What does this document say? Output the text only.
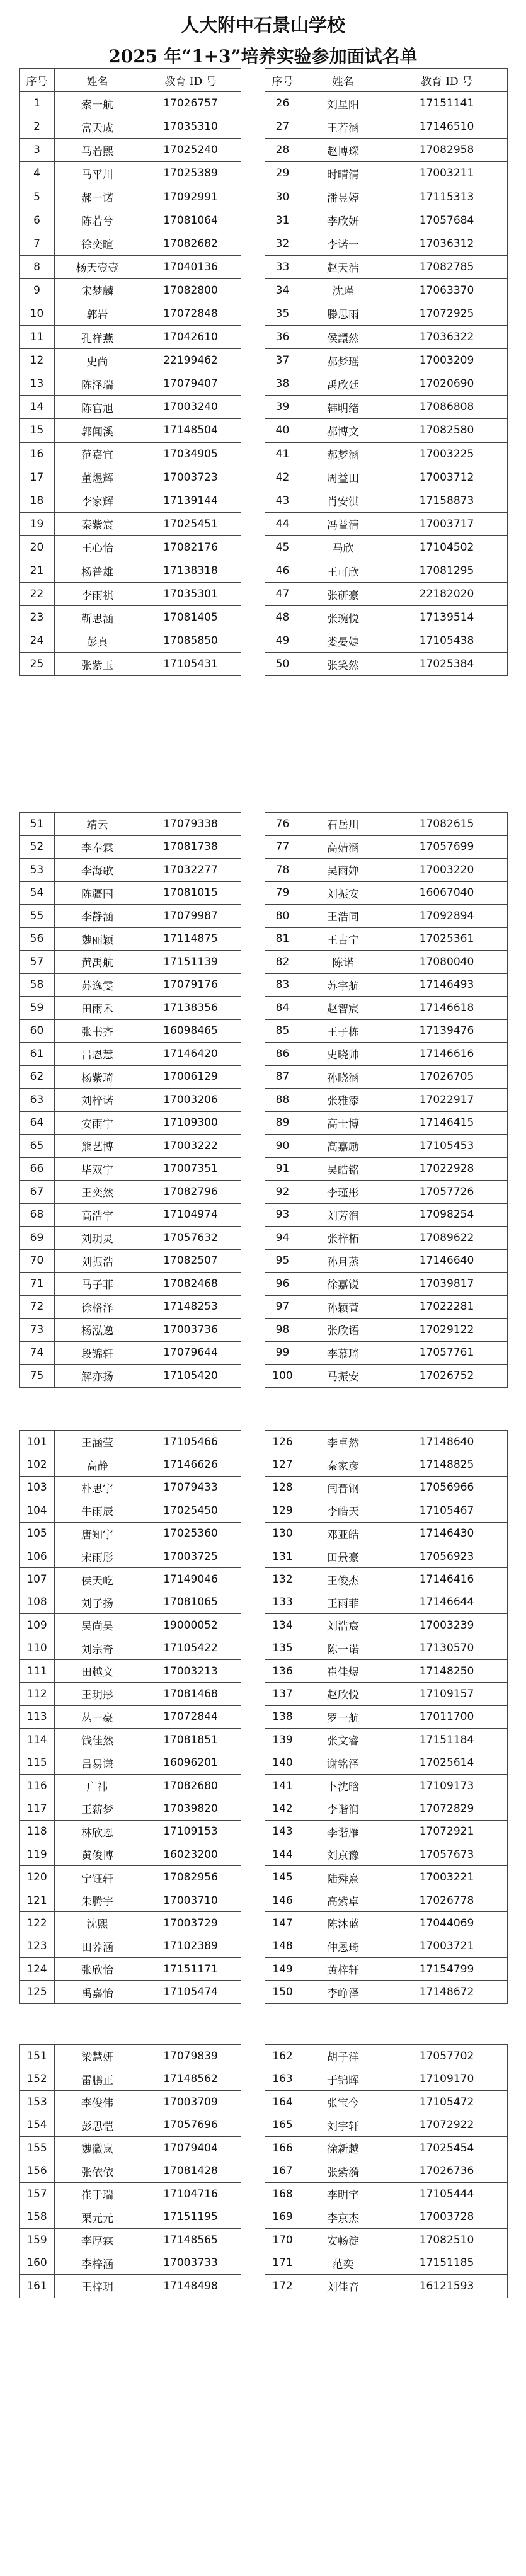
人大附中石景山学校
2025 年“1+3”培养实验参加面试名单
序号	姓名	教育 ID 号		序号	姓名	教育 ID 号
1	索一航	17026757		26	刘星阳	17151141
2	富天成	17035310		27	王若涵	17146510
3	马若熙	17025240		28	赵博琛	17082958
4	马平川	17025389		29	时晴清	17003211
5	郝一诺	17092991		30	潘昱婷	17115313
6	陈若兮	17081064		31	李欣妍	17057684
7	徐奕暄	17082682		32	李诺一	17036312
8	杨天壹壹	17040136		33	赵天浩	17082785
9	宋梦麟	17082800		34	沈瑾	17063370
10	郭岩	17072848		35	滕思雨	17072925
11	孔祥燕	17042610		36	侯譞然	17036322
12	史尚	22199462		37	郝梦瑶	17003209
13	陈泽瑞	17079407		38	禹欣廷	17020690
14	陈官旭	17003240		39	韩明绪	17086808
15	郭闻溪	17148504		40	郝博文	17082580
16	范嘉宜	17034905		41	郝梦涵	17003225
17	董煜辉	17003723		42	周益田	17003712
18	李家辉	17139144		43	肖安淇	17158873
19	秦紫宸	17025451		44	冯益清	17003717
20	王心怡	17082176		45	马欣	17104502
21	杨普雄	17138318		46	王可欣	17081295
22	李雨祺	17035301		47	张研豪	22182020
23	靳思涵	17081405		48	张琬悦	17139514
24	彭真	17085850		49	娄晏婕	17105438
25	张紫玉	17105431		50	张笑然	17025384
51	靖云	17079338		76	石岳川	17082615
52	李奉霖	17081738		77	高婧涵	17057699
53	李海歌	17032277		78	吴雨婵	17003220
54	陈疆国	17081015		79	刘振安	16067040
55	李静涵	17079987		80	王浩同	17092894
56	魏丽颖	17114875		81	王古宁	17025361
57	黄禹航	17151139		82	陈诺	17080040
58	苏逸雯	17079176		83	苏宇航	17146493
59	田雨禾	17138356		84	赵智宸	17146618
60	张书齐	16098465		85	王子栋	17139476
61	吕恩慧	17146420		86	史晓帅	17146616
62	杨紫琦	17006129		87	孙晓涵	17026705
63	刘梓诺	17003206		88	张雅添	17022917
64	安雨宁	17109300		89	高士博	17146415
65	熊艺博	17003222		90	高嘉励	17105453
66	毕双宁	17007351		91	吴皓铭	17022928
67	王奕然	17082796		92	李瑾彤	17057726
68	高浩宇	17104974		93	刘芳润	17098254
69	刘玥灵	17057632		94	张梓柘	17089622
70	刘振浩	17082507		95	孙月蒸	17146640
71	马子菲	17082468		96	徐嘉锐	17039817
72	徐格泽	17148253		97	孙颖萱	17022281
73	杨泓逸	17003736		98	张欣语	17029122
74	段锦轩	17079644		99	李慕琦	17057761
75	解亦扬	17105420		100	马振安	17026752
101	王涵莹	17105466		126	李卓然	17148640
102	高静	17146626		127	秦家彦	17148825
103	朴思宇	17079433		128	闫晋钢	17056966
104	牛雨辰	17025450		129	李皓天	17105467
105	唐知宇	17025360		130	邓亚皓	17146430
106	宋雨彤	17003725		131	田景豪	17056923
107	侯天屹	17149046		132	王俊杰	17146416
108	刘子扬	17081065		133	王雨菲	17146644
109	吴尚昊	19000052		134	刘浩宸	17003239
110	刘宗奇	17105422		135	陈一诺	17130570
111	田越文	17003213		136	崔佳煜	17148250
112	王玥彤	17081468		137	赵欣悦	17109157
113	丛一豪	17072844		138	罗一航	17011700
114	钱佳然	17081851		139	张文睿	17151184
115	吕易谦	16096201		140	谢铭泽	17025614
116	广祎	17082680		141	卜沈晗	17109173
117	王薪梦	17039820		142	李谐润	17072829
118	林欣恩	17109153		143	李谐雁	17072921
119	黄俊博	16023200		144	刘京豫	17057673
120	宁钰轩	17082956		145	陆舜熹	17003221
121	朱腾宇	17003710		146	高紫卓	17026778
122	沈熙	17003729		147	陈沐蓝	17044069
123	田荞涵	17102389		148	仲恩琦	17003721
124	张欣怡	17151171		149	黄梓轩	17154799
125	禹嘉怡	17105474		150	李峥泽	17148672
151	梁慧妍	17079839		162	胡子洋	17057702
152	雷鹏正	17148562		163	于锦晖	17109170
153	李俊伟	17003709		164	张宝今	17105472
154	彭思恺	17057696		165	刘宇轩	17072922
155	魏徽岚	17079404		166	徐新越	17025454
156	张依依	17081428		167	张紫漪	17026736
157	崔于瑞	17104716		168	李明宇	17105444
158	栗元元	17151195		169	李京杰	17003728
159	李厚霖	17148565		170	安畅淀	17082510
160	李梓涵	17003733		171	范奕	17151185
161	王梓玥	17148498		172	刘佳音	16121593
